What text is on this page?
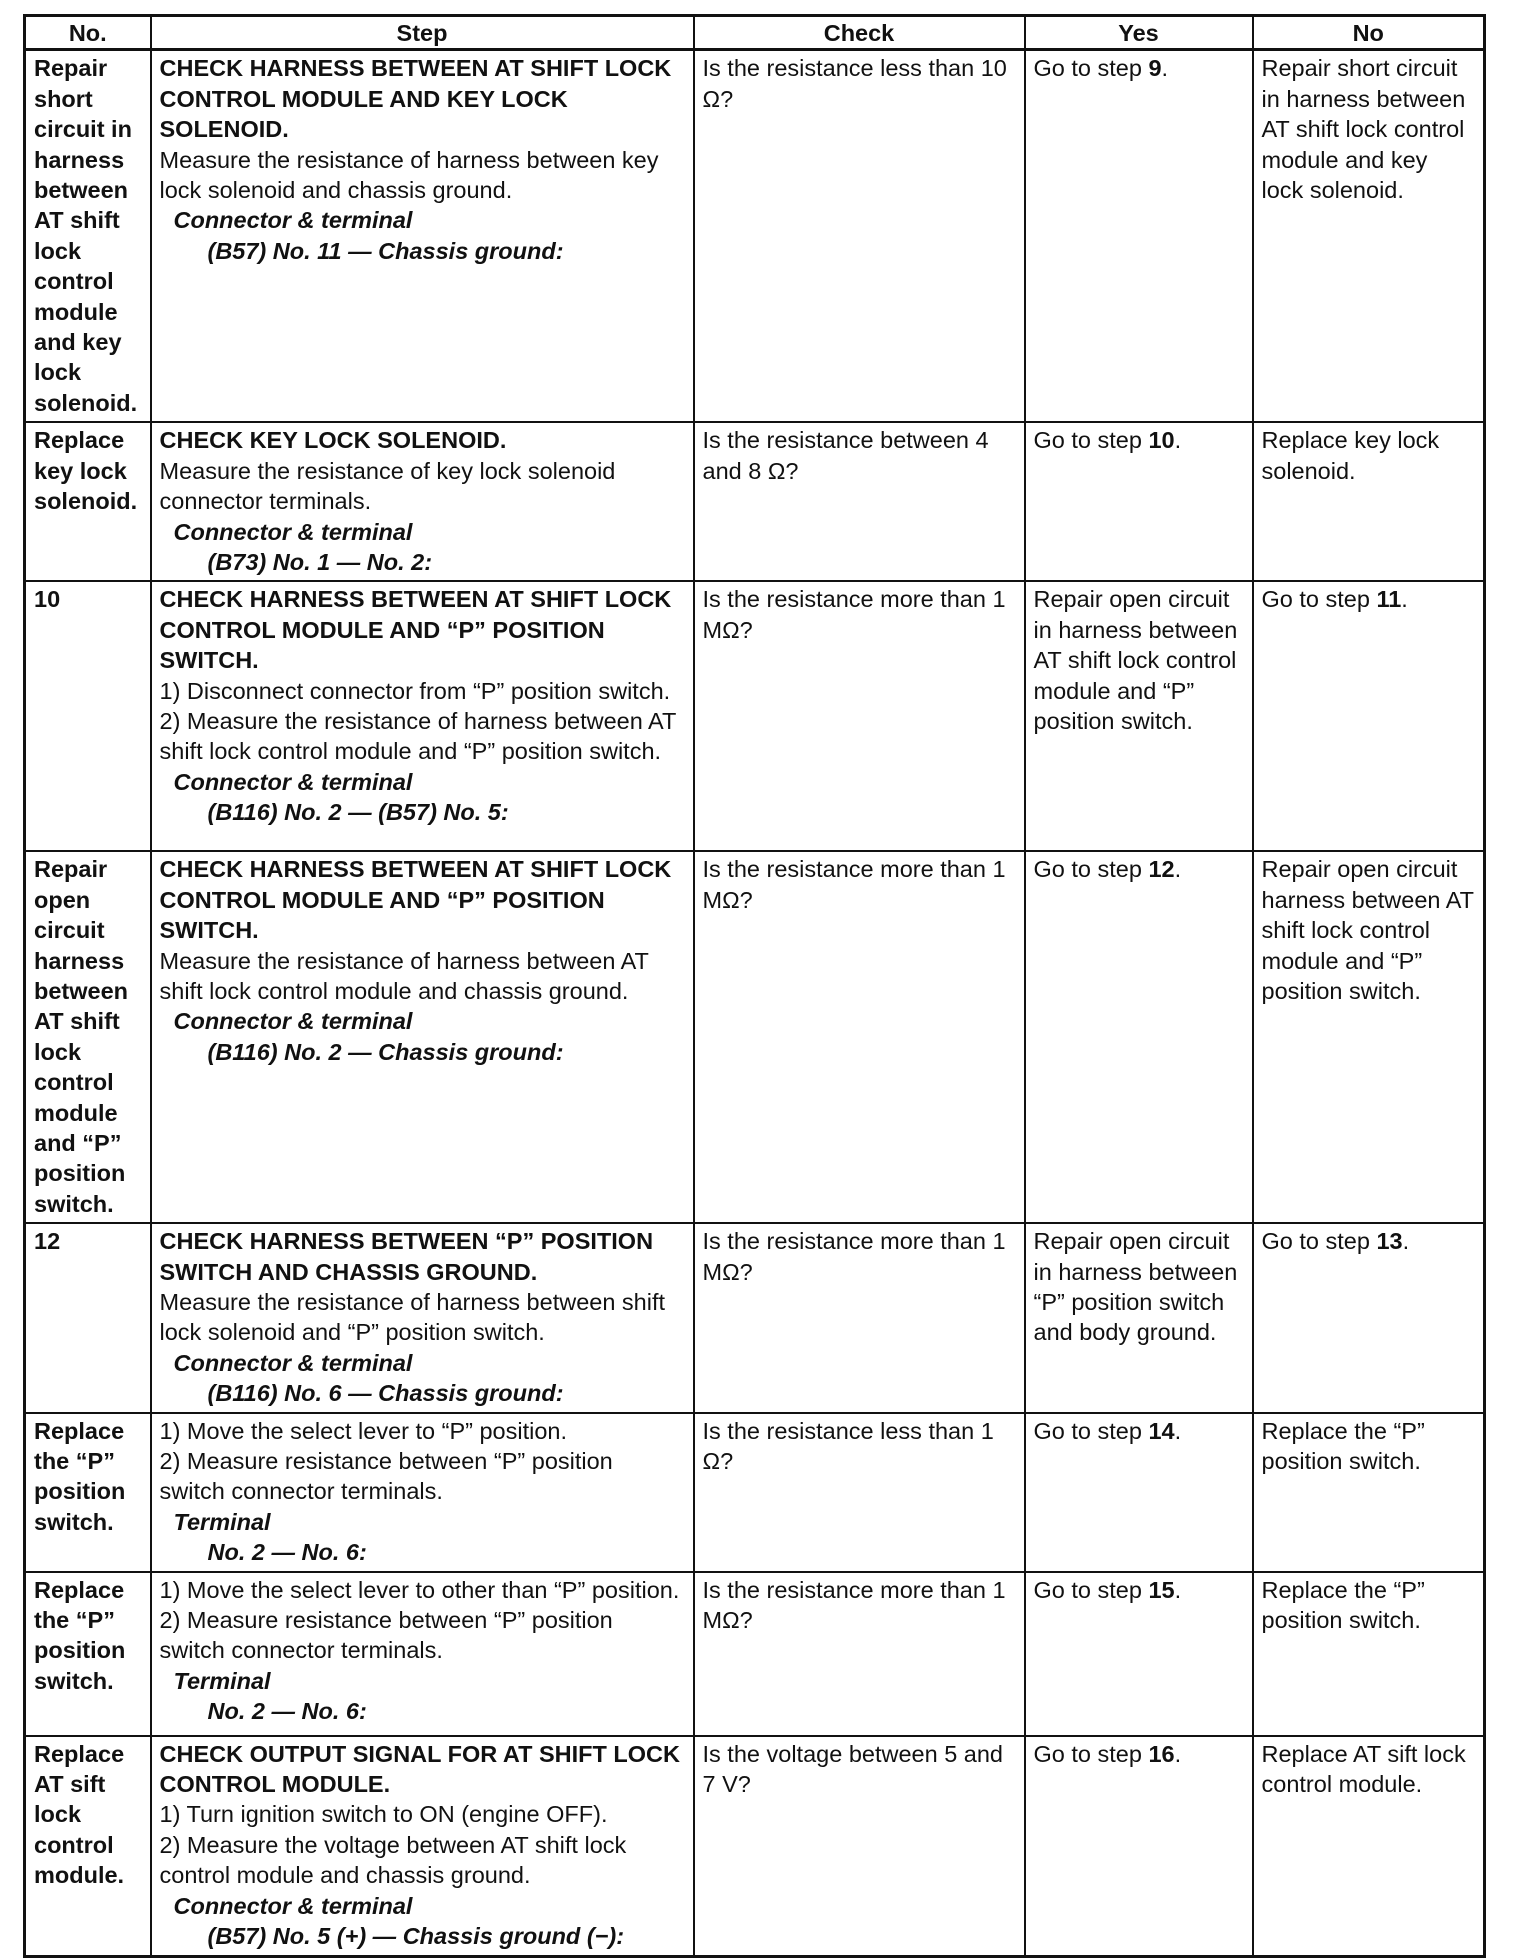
No.	Step	Check	Yes	No
Repair short circuit in harness between AT shift lock control module and key lock solenoid.	CHECK HARNESS BETWEEN AT SHIFT LOCK CONTROL MODULE AND KEY LOCK SOLENOID.
Measure the resistance of harness between key lock solenoid and chassis ground.
Connector & terminal
(B57) No. 11 — Chassis ground:	Is the resistance less than 10 Ω?	Go to step 9.	Repair short circuit in harness between AT shift lock control module and key lock solenoid.
Replace key lock solenoid.	CHECK KEY LOCK SOLENOID.
Measure the resistance of key lock solenoid connector terminals.
Connector & terminal
(B73) No. 1 — No. 2:	Is the resistance between 4 and 8 Ω?	Go to step 10.	Replace key lock solenoid.
10	CHECK HARNESS BETWEEN AT SHIFT LOCK CONTROL MODULE AND “P” POSITION SWITCH.
1) Disconnect connector from “P” position switch.
2) Measure the resistance of harness between AT shift lock control module and “P” position switch.
Connector & terminal
(B116) No. 2 — (B57) No. 5:	Is the resistance more than 1 MΩ?	Repair open circuit in harness between AT shift lock control module and “P” position switch.	Go to step 11.
Repair open circuit harness between AT shift lock control module and “P” position switch.	CHECK HARNESS BETWEEN AT SHIFT LOCK CONTROL MODULE AND “P” POSITION SWITCH.
Measure the resistance of harness between AT shift lock control module and chassis ground.
Connector & terminal
(B116) No. 2 — Chassis ground:	Is the resistance more than 1 MΩ?	Go to step 12.	Repair open circuit harness between AT shift lock control module and “P” position switch.
12	CHECK HARNESS BETWEEN “P” POSITION SWITCH AND CHASSIS GROUND.
Measure the resistance of harness between shift lock solenoid and “P” position switch.
Connector & terminal
(B116) No. 6 — Chassis ground:	Is the resistance more than 1 MΩ?	Repair open circuit in harness between “P” position switch and body ground.	Go to step 13.
Replace the “P” position switch.	1) Move the select lever to “P” position.
2) Measure resistance between “P” position switch connector terminals.
Terminal
No. 2 — No. 6:	Is the resistance less than 1 Ω?	Go to step 14.	Replace the “P” position switch.
Replace the “P” position switch.	1) Move the select lever to other than “P” position.
2) Measure resistance between “P” position switch connector terminals.
Terminal
No. 2 — No. 6:	Is the resistance more than 1 MΩ?	Go to step 15.	Replace the “P” position switch.
Replace AT sift lock control module.	CHECK OUTPUT SIGNAL FOR AT SHIFT LOCK CONTROL MODULE.
1) Turn ignition switch to ON (engine OFF).
2) Measure the voltage between AT shift lock control module and chassis ground.
Connector & terminal
(B57) No. 5 (+) — Chassis ground (−):	Is the voltage between 5 and 7 V?	Go to step 16.	Replace AT sift lock control module.
